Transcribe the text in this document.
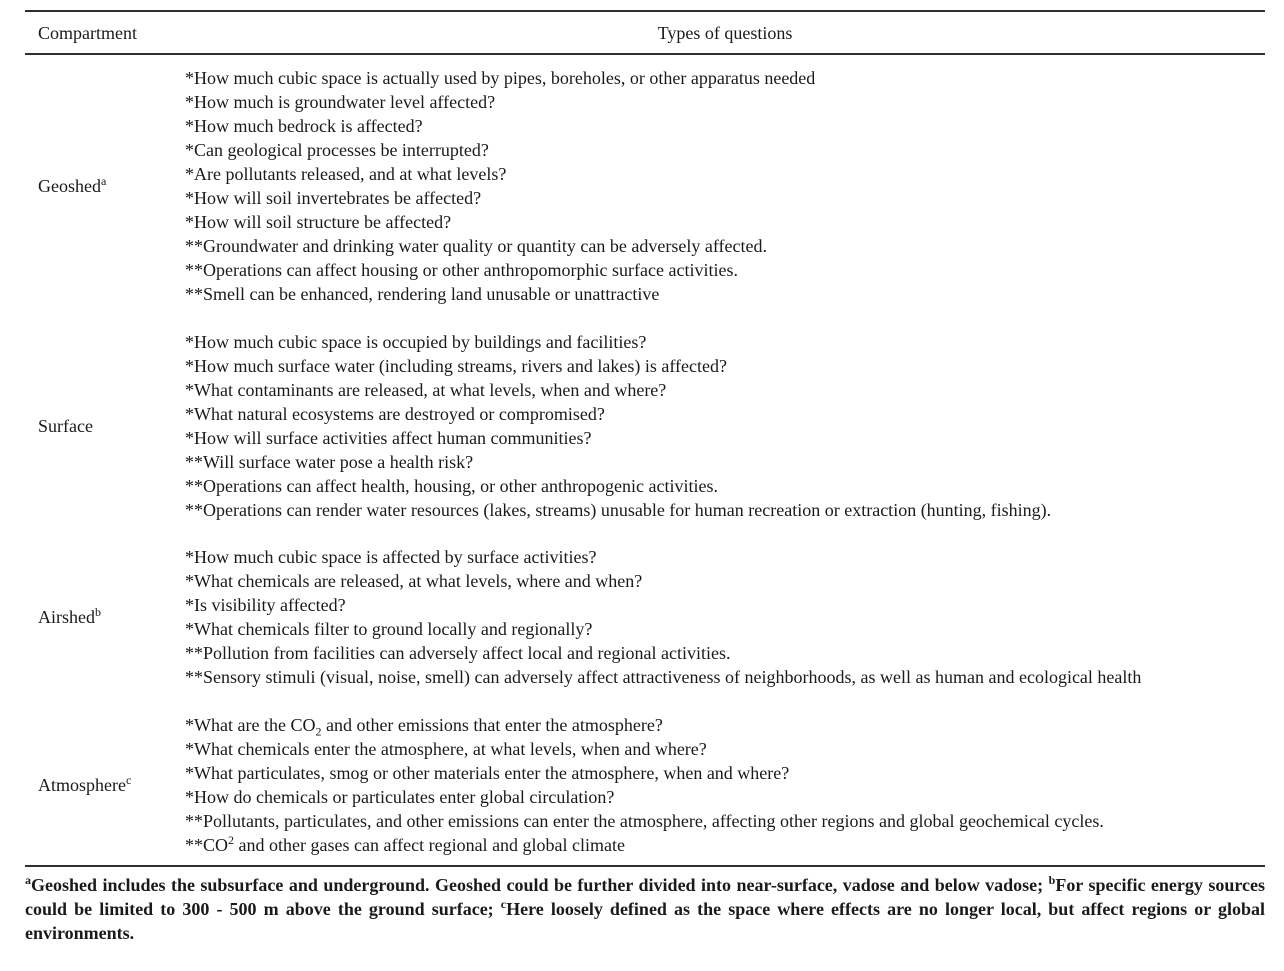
Compartment	Types of questions
Geoshed$^a$
*How much cubic space is actually used by pipes, boreholes, or other apparatus needed
*How much is groundwater level affected?
*How much bedrock is affected?
*Can geological processes be interrupted?
*Are pollutants released, and at what levels?
*How will soil invertebrates be affected?
*How will soil structure be affected?
**Groundwater and drinking water quality or quantity can be adversely affected.
**Operations can affect housing or other anthropomorphic surface activities.
**Smell can be enhanced, rendering land unusable or unattractive
Surface
*How much cubic space is occupied by buildings and facilities?
*How much surface water (including streams, rivers and lakes) is affected?
*What contaminants are released, at what levels, when and where?
*What natural ecosystems are destroyed or compromised?
*How will surface activities affect human communities?
**Will surface water pose a health risk?
**Operations can affect health, housing, or other anthropogenic activities.
**Operations can render water resources (lakes, streams) unusable for human recreation or extraction (hunting, fishing).
Airshed$^b$
*How much cubic space is affected by surface activities?
*What chemicals are released, at what levels, where and when?
*Is visibility affected?
*What chemicals filter to ground locally and regionally?
**Pollution from facilities can adversely affect local and regional activities.
**Sensory stimuli (visual, noise, smell) can adversely affect attractiveness of neighborhoods, as well as human and ecological health
Atmosphere$^c$
*What are the $CO_2$ and other emissions that enter the atmosphere?
*What chemicals enter the atmosphere, at what levels, when and where?
*What particulates, smog or other materials enter the atmosphere, when and where?
*How do chemicals or particulates enter global circulation?
**Pollutants, particulates, and other emissions can enter the atmosphere, affecting other regions and global geochemical cycles.
$**CO^2$ and other gases can affect regional and global climate
$^a$Geoshed includes the subsurface and underground. Geoshed could be further divided into near-surface, vadose and below vadose; $^b$For specific energy sources could be limited to 300 - 500 m above the ground surface; $^c$Here loosely defined as the space where effects are no longer local, but affect regions or global environments.
